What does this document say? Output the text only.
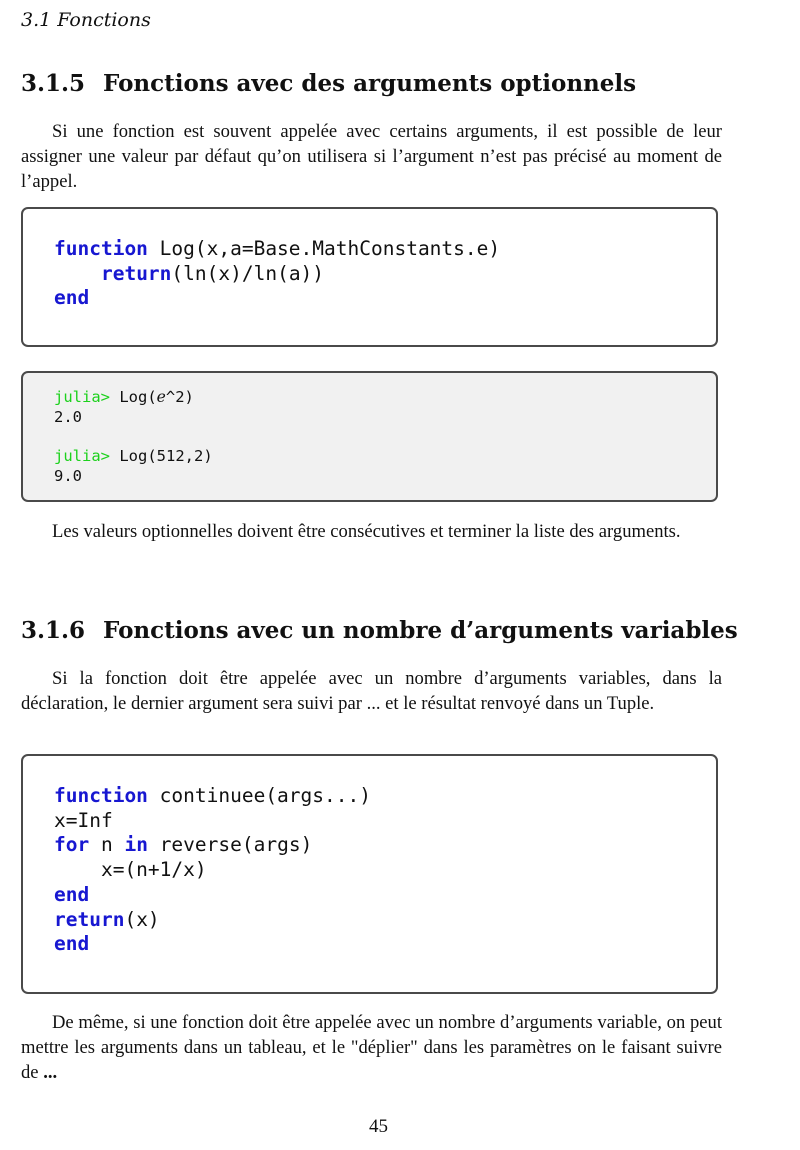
3.1 Fonctions
3.1.5 Fonctions avec des arguments optionnels

Si une fonction est souvent appelée avec certains arguments, il est possible de leur assigner une valeur par défaut qu’on utilisera si l’argument n’est pas précisé au moment de l’appel.

function Log(x,a=Base.MathConstants.e)
return(ln(x)/ln(a))
end
julia> Log(e^2)
2.0

julia> Log(512,2)
9.0

Les valeurs optionnelles doivent être consécutives et terminer la liste des arguments.

3.1.6 Fonctions avec un nombre d’arguments variables

Si la fonction doit être appelée avec un nombre d’arguments variables, dans la déclaration, le dernier argument sera suivi par ... et le résultat renvoyé dans un Tuple.

function continuee(args...)
x=Inf
for n in reverse(args)
x=(n+1/x)
end
return(x)
end

De même, si une fonction doit être appelée avec un nombre d’arguments variable, on peut mettre les arguments dans un tableau, et le "déplier" dans les paramètres on le faisant suivre de ...

45
